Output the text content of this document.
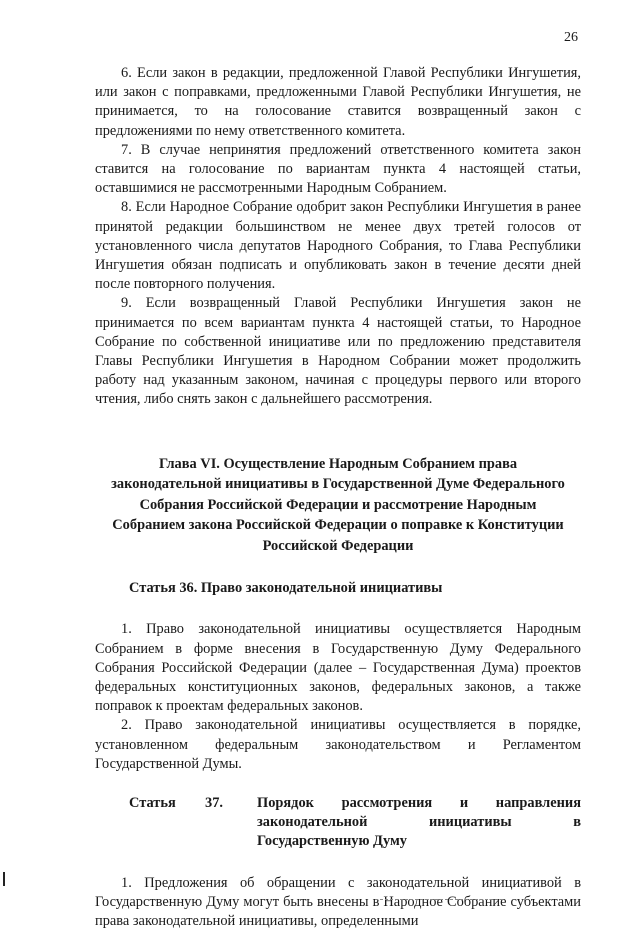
26

6. Если закон в редакции, предложенной Главой Республики Ингушетия, или закон с поправками, предложенными Главой Республики Ингушетия, не принимается, то на голосование ставится возвращенный закон с предложениями по нему ответственного комитета.

7. В случае непринятия предложений ответственного комитета закон ставится на голосование по вариантам пункта 4 настоящей статьи, оставшимися не рассмотренными Народным Собранием.

8. Если Народное Собрание одобрит закон Республики Ингушетия в ранее принятой редакции большинством не менее двух третей голосов от установленного числа депутатов Народного Собрания, то Глава Республики Ингушетия обязан подписать и опубликовать закон в течение десяти дней после повторного получения.

9. Если возвращенный Главой Республики Ингушетия закон не принимается по всем вариантам пункта 4 настоящей статьи, то Народное Собрание по собственной инициативе или по предложению представителя Главы Республики Ингушетия в Народном Собрании может продолжить работу над указанным законом, начиная с процедуры первого или второго чтения, либо снять закон с дальнейшего рассмотрения.

Глава VI. Осуществление Народным Собранием права законодательной инициативы в Государственной Думе Федерального Собрания Российской Федерации и рассмотрение Народным Собранием закона Российской Федерации о поправке к Конституции Российской Федерации

Статья 36. Право законодательной инициативы

1. Право законодательной инициативы осуществляется Народным Собранием в форме внесения в Государственную Думу Федерального Собрания Российской Федерации (далее – Государственная Дума) проектов федеральных конституционных законов, федеральных законов, а также поправок к проектам федеральных законов.

2. Право законодательной инициативы осуществляется в порядке, установленном федеральным законодательством и Регламентом Государственной Думы.

Статья	37.	Порядок рассмотрения и направления законодательной инициативы в Государственную Думу

1. Предложения об обращении с законодательной инициативой в Государственную Думу могут быть внесены в Народное Собрание субъектами права законодательной инициативы, определенными
